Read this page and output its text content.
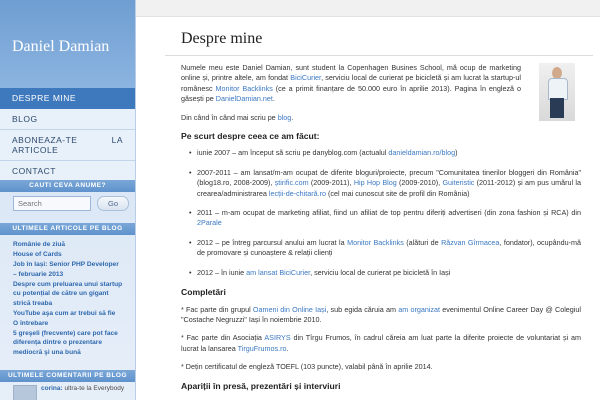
Daniel Damian
DESPRE MINE
BLOG
ABONEAZA-TE	LA
ARTICOLE
CONTACT
CAUTI CEVA ANUME?
Search
Go
ULTIMELE ARTICOLE PE BLOG
Românie de ziuă
House of Cards
Job în Iași: Senior PHP Developer – februarie 2013
Despre cum preluarea unui startup cu potențial de către un gigant strică treaba
YouTube aşa cum ar trebui să fie
O întrebare
5 greşeli (frecvente) care pot face diferența dintre o prezentare mediocră şi una bună
ULTIMELE COMENTARII PE BLOG
corina: ultra-te la Everybody
Despre mine

Numele meu este Daniel Damian, sunt student la Copenhagen Busines School, mă ocup de marketing online și, printre altele, am fondat BiciCurier, serviciu local de curierat pe bicicletă și am lucrat la startup-ul românesc Monitor Backlinks (ce a primit finanțare de 50.000 euro în aprilie 2013). Pagina în engleză o găsești pe DanielDamian.net.

Din când în când mai scriu pe blog.

Pe scurt despre ceea ce am făcut:
• iunie 2007 – am început să scriu pe danyblog.com (actualul danieldamian.ro/blog)
• 2007-2011 – am lansat/m-am ocupat de diferite bloguri/proiecte, precum "Comunitatea tinerilor bloggeri din România" (blog18.ro, 2008-2009), știrific.com (2009-2011), Hip Hop Blog (2009-2010), Guiteristic (2011-2012) și am pus umărul la crearea/administrarea lecții-de-chitară.ro (cel mai cunoscut site de profil din România)
• 2011 – m-am ocupat de marketing afiliat, fiind un afiliat de top pentru diferiți advertiseri (din zona fashion și RCA) din 2Parale
• 2012 – pe întreg parcursul anului am lucrat la Monitor Backlinks (alături de Răzvan Gîrmacea, fondator), ocupându-mă de promovare și cunoaștere & relații clienți
• 2012 – în iunie am lansat BiciCurier, serviciu local de curierat pe bicicletă în Iași
Completări

* Fac parte din grupul Oameni din Online Iași, sub egida căruia am am organizat evenimentul Online Career Day @ Colegiul "Costache Negruzzi" Iași în noiembrie 2010.

* Fac parte din Asociația ASIRYS din Tîrgu Frumos, în cadrul căreia am luat parte la diferite proiecte de voluntariat și am lucrat la lansarea TirguFrumos.ro.

* Dețin certificatul de engleză TOEFL (103 puncte), valabil până în aprilie 2014.

Apariții în presă, prezentări și interviuri
